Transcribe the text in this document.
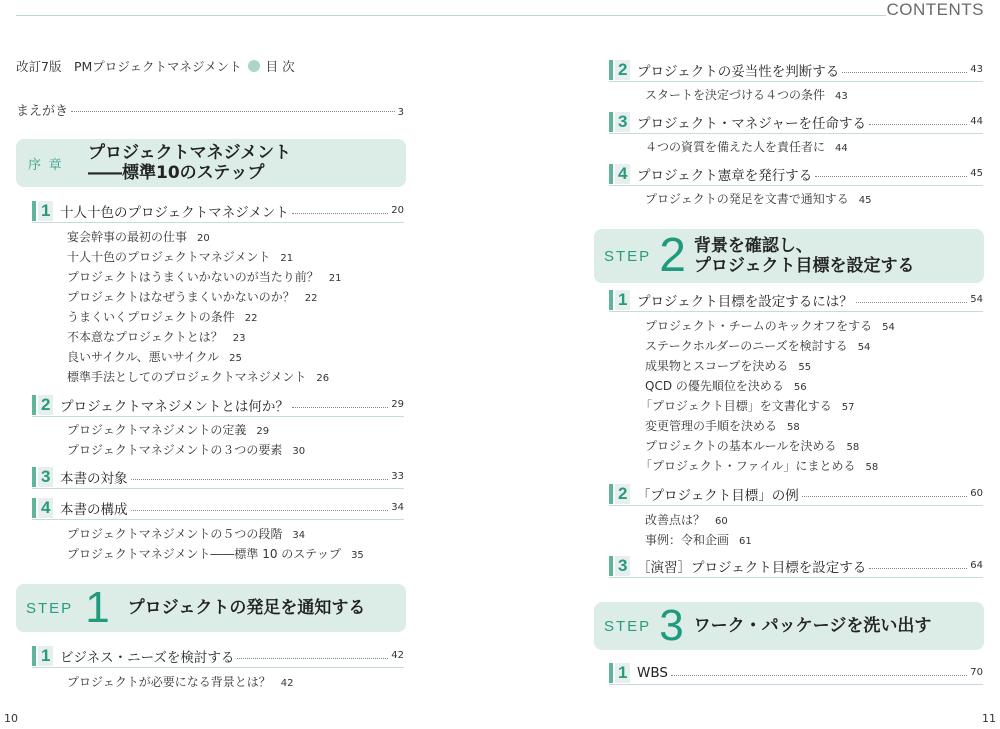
CONTENTS
改訂7版　PMプロジェクトマネジメント 目 次
まえがき	3
序 章
プロジェクトマネジメント
――標準10のステップ
1 十人十色のプロジェクトマネジメント	20
宴会幹事の最初の仕事 20
十人十色のプロジェクトマネジメント 21
プロジェクトはうまくいかないのが当たり前？ 21
プロジェクトはなぜうまくいかないのか？ 22
うまくいくプロジェクトの条件 22
不本意なプロジェクトとは？ 23
良いサイクル、悪いサイクル 25
標準手法としてのプロジェクトマネジメント 26
2 プロジェクトマネジメントとは何か？	29
プロジェクトマネジメントの定義 29
プロジェクトマネジメントの３つの要素 30
3 本書の対象	33
4 本書の構成	34
プロジェクトマネジメントの５つの段階 34
プロジェクトマネジメント――標準 10 のステップ 35
STEP 1 プロジェクトの発足を通知する
1 ビジネス・ニーズを検討する	42
プロジェクトが必要になる背景とは？ 42
10
2 プロジェクトの妥当性を判断する	43
スタートを決定づける４つの条件 43
3 プロジェクト・マネジャーを任命する	44
４つの資質を備えた人を責任者に 44
4 プロジェクト憲章を発行する	45
プロジェクトの発足を文書で通知する 45
STEP 2 背景を確認し、
プロジェクト目標を設定する
1 プロジェクト目標を設定するには？	54
プロジェクト・チームのキックオフをする 54
ステークホルダーのニーズを検討する 54
成果物とスコープを決める 55
QCD の優先順位を決める 56
「プロジェクト目標」を文書化する 57
変更管理の手順を決める 58
プロジェクトの基本ルールを決める 58
「プロジェクト・ファイル」にまとめる 58
2 「プロジェクト目標」の例	60
改善点は？ 60
事例：令和企画 61
3 ［演習］プロジェクト目標を設定する	64
STEP 3 ワーク・パッケージを洗い出す
1 WBS	70
11
